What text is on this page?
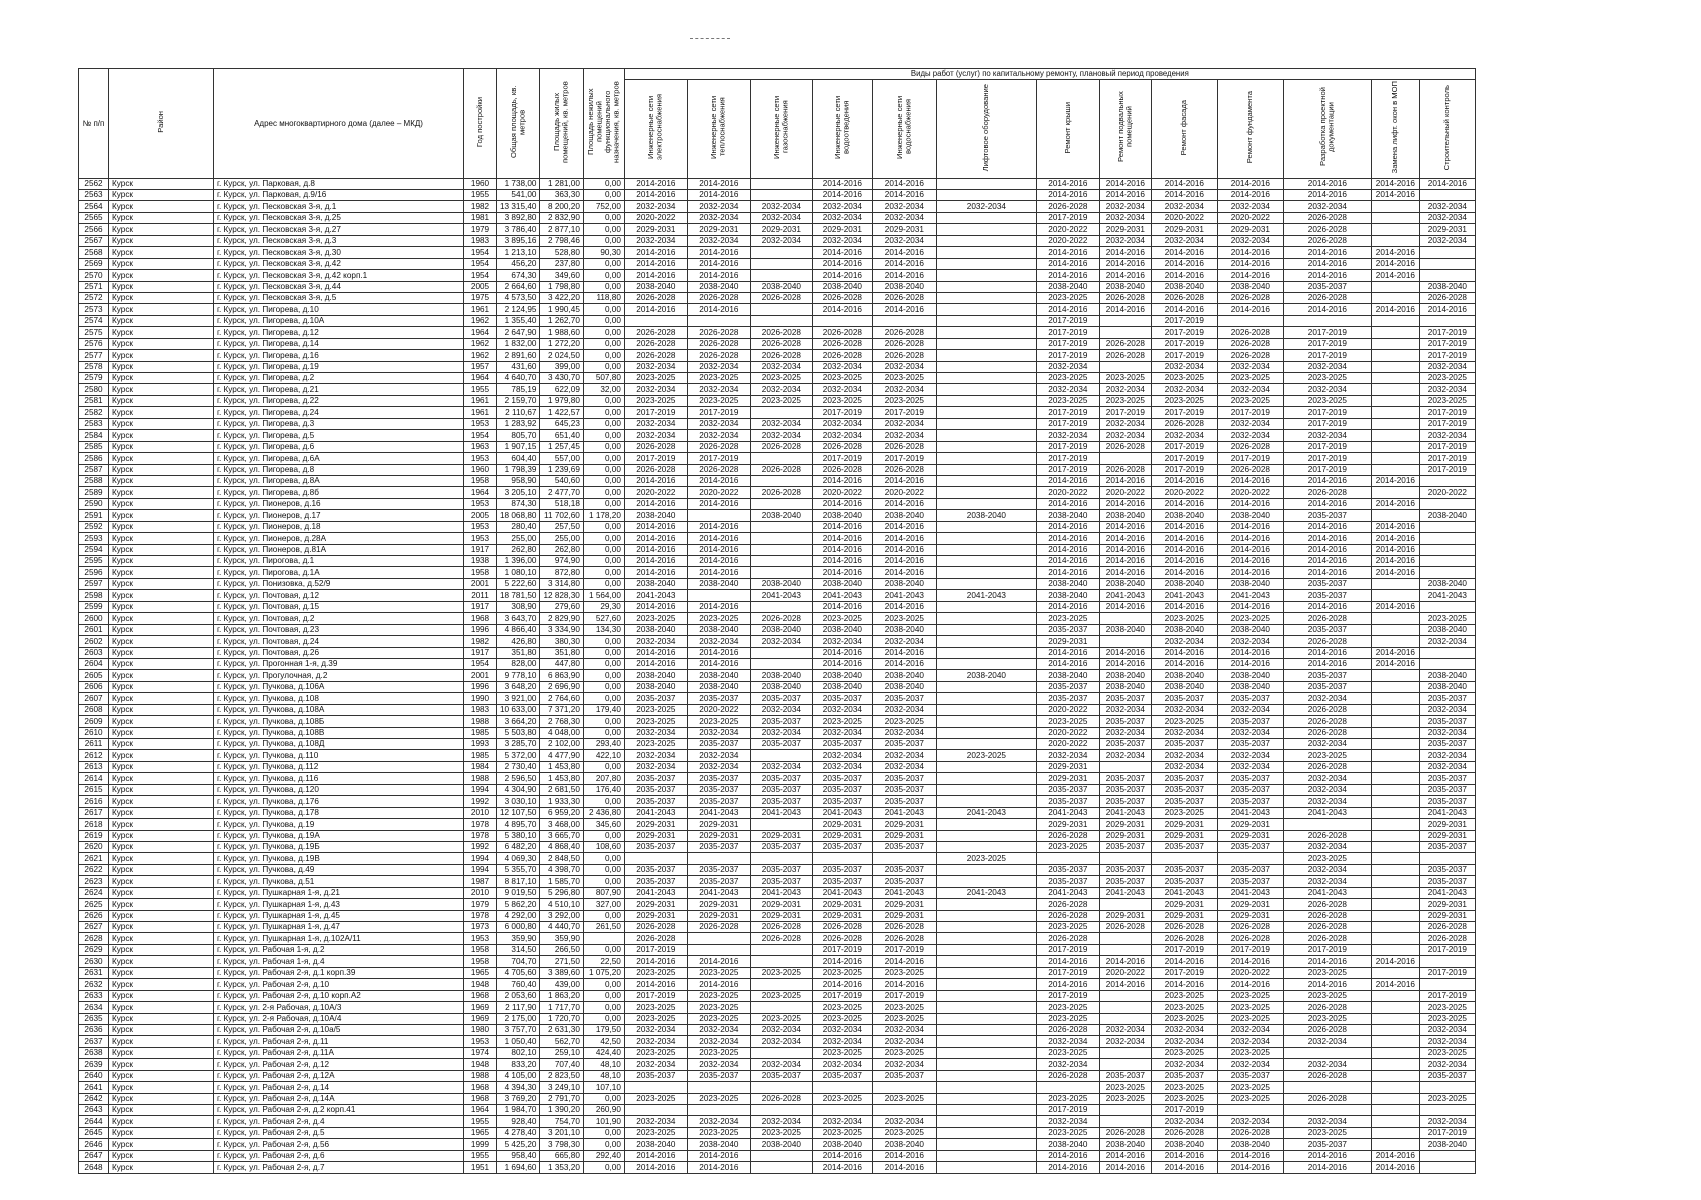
№ п/п	Район	Адрес многоквартирного дома (далее – МКД)	Год постройки	Общая площадь, кв. метров	Площадь жилых помещений, кв. метров	Площадь нежилых помещений функционального назначения, кв. метров	Виды работ (услуг) по капитальному ремонту, плановый период проведения												
							Инженерные сети электроснабжения	Инженерные сети теплоснабжения	Инженерные сети газоснабжения	Инженерные сети водоотведения	Инженерные сети водоснабжения	Лифтовое оборудование	Ремонт крыши	Ремонт подвальных помещений	Ремонт фасада	Ремонт фундамента	Разработка проектной документации	Замена лифт. окон в МОП	Строительный контроль
2562	Курск	г. Курск, ул. Парковая, д.8	1960	1 738,00	1 281,00	0,00	2014-2016	2014-2016		2014-2016	2014-2016		2014-2016	2014-2016	2014-2016	2014-2016	2014-2016	2014-2016	2014-2016
2563	Курск	г. Курск, ул. Парковая, д.9/16	1955	541,00	363,30	0,00	2014-2016	2014-2016		2014-2016	2014-2016		2014-2016	2014-2016	2014-2016	2014-2016	2014-2016	2014-2016	
2564	Курск	г. Курск, ул. Песковская 3-я, д.1	1982	13 315,40	8 200,20	752,00	2032-2034	2032-2034	2032-2034	2032-2034	2032-2034	2032-2034	2026-2028	2032-2034	2032-2034	2032-2034	2032-2034		2032-2034
2565	Курск	г. Курск, ул. Песковская 3-я, д.25	1981	3 892,80	2 832,90	0,00	2020-2022	2032-2034	2032-2034	2032-2034	2032-2034		2017-2019	2032-2034	2020-2022	2020-2022	2026-2028		2032-2034
2566	Курск	г. Курск, ул. Песковская 3-я, д.27	1979	3 786,40	2 877,10	0,00	2029-2031	2029-2031	2029-2031	2029-2031	2029-2031		2020-2022	2029-2031	2029-2031	2029-2031	2026-2028		2029-2031
2567	Курск	г. Курск, ул. Песковская 3-я, д.3	1983	3 895,16	2 798,46	0,00	2032-2034	2032-2034	2032-2034	2032-2034	2032-2034		2020-2022	2032-2034	2032-2034	2032-2034	2026-2028		2032-2034
2568	Курск	г. Курск, ул. Песковская 3-я, д.30	1954	1 213,10	528,80	90,30	2014-2016	2014-2016		2014-2016	2014-2016		2014-2016	2014-2016	2014-2016	2014-2016	2014-2016	2014-2016	
2569	Курск	г. Курск, ул. Песковская 3-я, д.42	1954	456,20	237,80	0,00	2014-2016	2014-2016		2014-2016	2014-2016		2014-2016	2014-2016	2014-2016	2014-2016	2014-2016	2014-2016	
2570	Курск	г. Курск, ул. Песковская 3-я, д.42 корп.1	1954	674,30	349,60	0,00	2014-2016	2014-2016		2014-2016	2014-2016		2014-2016	2014-2016	2014-2016	2014-2016	2014-2016	2014-2016	
2571	Курск	г. Курск, ул. Песковская 3-я, д.44	2005	2 664,60	1 798,80	0,00	2038-2040	2038-2040	2038-2040	2038-2040	2038-2040		2038-2040	2038-2040	2038-2040	2038-2040	2035-2037		2038-2040
2572	Курск	г. Курск, ул. Песковская 3-я, д.5	1975	4 573,50	3 422,20	118,80	2026-2028	2026-2028	2026-2028	2026-2028	2026-2028		2023-2025	2026-2028	2026-2028	2026-2028	2026-2028		2026-2028
2573	Курск	г. Курск, ул. Пигорева, д.10	1961	2 124,95	1 990,45	0,00	2014-2016	2014-2016		2014-2016	2014-2016		2014-2016	2014-2016	2014-2016	2014-2016	2014-2016	2014-2016	2014-2016
2574	Курск	г. Курск, ул. Пигорева, д.10А	1962	1 355,40	1 262,70	0,00							2017-2019		2017-2019				
2575	Курск	г. Курск, ул. Пигорева, д.12	1964	2 647,90	1 988,60	0,00	2026-2028	2026-2028	2026-2028	2026-2028	2026-2028		2017-2019		2017-2019	2026-2028	2017-2019		2017-2019
2576	Курск	г. Курск, ул. Пигорева, д.14	1962	1 832,00	1 272,20	0,00	2026-2028	2026-2028	2026-2028	2026-2028	2026-2028		2017-2019	2026-2028	2017-2019	2026-2028	2017-2019		2017-2019
2577	Курск	г. Курск, ул. Пигорева, д.16	1962	2 891,60	2 024,50	0,00	2026-2028	2026-2028	2026-2028	2026-2028	2026-2028		2017-2019	2026-2028	2017-2019	2026-2028	2017-2019		2017-2019
2578	Курск	г. Курск, ул. Пигорева, д.19	1957	431,60	399,00	0,00	2032-2034	2032-2034	2032-2034	2032-2034	2032-2034		2032-2034		2032-2034	2032-2034	2032-2034		2032-2034
2579	Курск	г. Курск, ул. Пигорева, д.2	1964	4 640,70	3 430,70	507,80	2023-2025	2023-2025	2023-2025	2023-2025	2023-2025		2023-2025	2023-2025	2023-2025	2023-2025	2023-2025		2023-2025
2580	Курск	г. Курск, ул. Пигорева, д.21	1955	785,19	622,09	32,00	2032-2034	2032-2034	2032-2034	2032-2034	2032-2034		2032-2034	2032-2034	2032-2034	2032-2034	2032-2034		2032-2034
2581	Курск	г. Курск, ул. Пигорева, д.22	1961	2 159,70	1 979,80	0,00	2023-2025	2023-2025	2023-2025	2023-2025	2023-2025		2023-2025	2023-2025	2023-2025	2023-2025	2023-2025		2023-2025
2582	Курск	г. Курск, ул. Пигорева, д.24	1961	2 110,67	1 422,57	0,00	2017-2019	2017-2019		2017-2019	2017-2019		2017-2019	2017-2019	2017-2019	2017-2019	2017-2019		2017-2019
2583	Курск	г. Курск, ул. Пигорева, д.3	1953	1 283,92	645,23	0,00	2032-2034	2032-2034	2032-2034	2032-2034	2032-2034		2017-2019	2032-2034	2026-2028	2032-2034	2017-2019		2017-2019
2584	Курск	г. Курск, ул. Пигорева, д.5	1954	805,70	651,40	0,00	2032-2034	2032-2034	2032-2034	2032-2034	2032-2034		2032-2034	2032-2034	2032-2034	2032-2034	2032-2034		2032-2034
2585	Курск	г. Курск, ул. Пигорева, д.6	1963	1 907,15	1 257,45	0,00	2026-2028	2026-2028	2026-2028	2026-2028	2026-2028		2017-2019	2026-2028	2017-2019	2026-2028	2017-2019		2017-2019
2586	Курск	г. Курск, ул. Пигорева, д.6А	1953	604,40	557,00	0,00	2017-2019	2017-2019		2017-2019	2017-2019		2017-2019		2017-2019	2017-2019	2017-2019		2017-2019
2587	Курск	г. Курск, ул. Пигорева, д.8	1960	1 798,39	1 239,69	0,00	2026-2028	2026-2028	2026-2028	2026-2028	2026-2028		2017-2019	2026-2028	2017-2019	2026-2028	2017-2019		2017-2019
2588	Курск	г. Курск, ул. Пигорева, д.8А	1958	958,90	540,60	0,00	2014-2016	2014-2016		2014-2016	2014-2016		2014-2016	2014-2016	2014-2016	2014-2016	2014-2016	2014-2016	
2589	Курск	г. Курск, ул. Пигорева, д.8б	1964	3 205,10	2 477,70	0,00	2020-2022	2020-2022	2026-2028	2020-2022	2020-2022		2020-2022	2020-2022	2020-2022	2020-2022	2026-2028		2020-2022
2590	Курск	г. Курск, ул. Пионеров, д.16	1953	874,30	518,18	0,00	2014-2016	2014-2016		2014-2016	2014-2016		2014-2016	2014-2016	2014-2016	2014-2016	2014-2016	2014-2016	
2591	Курск	г. Курск, ул. Пионеров, д.17	2005	18 068,80	11 702,60	1 178,20	2038-2040		2038-2040	2038-2040	2038-2040	2038-2040	2038-2040	2038-2040	2038-2040	2038-2040	2035-2037		2038-2040
2592	Курск	г. Курск, ул. Пионеров, д.18	1953	280,40	257,50	0,00	2014-2016	2014-2016		2014-2016	2014-2016		2014-2016	2014-2016	2014-2016	2014-2016	2014-2016	2014-2016	
2593	Курск	г. Курск, ул. Пионеров, д.28А	1953	255,00	255,00	0,00	2014-2016	2014-2016		2014-2016	2014-2016		2014-2016	2014-2016	2014-2016	2014-2016	2014-2016	2014-2016	
2594	Курск	г. Курск, ул. Пионеров, д.81А	1917	262,80	262,80	0,00	2014-2016	2014-2016		2014-2016	2014-2016		2014-2016	2014-2016	2014-2016	2014-2016	2014-2016	2014-2016	
2595	Курск	г. Курск, ул. Пирогова, д.1	1938	1 396,00	974,90	0,00	2014-2016	2014-2016		2014-2016	2014-2016		2014-2016	2014-2016	2014-2016	2014-2016	2014-2016	2014-2016	
2596	Курск	г. Курск, ул. Пирогова, д.1А	1958	1 080,10	872,80	0,00	2014-2016	2014-2016		2014-2016	2014-2016		2014-2016	2014-2016	2014-2016	2014-2016	2014-2016	2014-2016	
2597	Курск	г. Курск, ул. Понизовка, д.52/9	2001	5 222,60	3 314,80	0,00	2038-2040	2038-2040	2038-2040	2038-2040	2038-2040		2038-2040	2038-2040	2038-2040	2038-2040	2035-2037		2038-2040
2598	Курск	г. Курск, ул. Почтовая, д.12	2011	18 781,50	12 828,30	1 564,00	2041-2043		2041-2043	2041-2043	2041-2043	2041-2043	2038-2040	2041-2043	2041-2043	2041-2043	2035-2037		2041-2043
2599	Курск	г. Курск, ул. Почтовая, д.15	1917	308,90	279,60	29,30	2014-2016	2014-2016		2014-2016	2014-2016		2014-2016	2014-2016	2014-2016	2014-2016	2014-2016	2014-2016	
2600	Курск	г. Курск, ул. Почтовая, д.2	1968	3 643,70	2 829,90	527,60	2023-2025	2023-2025	2026-2028	2023-2025	2023-2025		2023-2025		2023-2025	2023-2025	2026-2028		2023-2025
2601	Курск	г. Курск, ул. Почтовая, д.23	1996	4 866,40	3 334,90	134,30	2038-2040	2038-2040	2038-2040	2038-2040	2038-2040		2035-2037	2038-2040	2038-2040	2038-2040	2035-2037		2038-2040
2602	Курск	г. Курск, ул. Почтовая, д.24	1982	426,80	380,30	0,00	2032-2034	2032-2034	2032-2034	2032-2034	2032-2034		2029-2031		2032-2034	2032-2034	2026-2028		2032-2034
2603	Курск	г. Курск, ул. Почтовая, д.26	1917	351,80	351,80	0,00	2014-2016	2014-2016		2014-2016	2014-2016		2014-2016	2014-2016	2014-2016	2014-2016	2014-2016	2014-2016	
2604	Курск	г. Курск, ул. Прогонная 1-я, д.39	1954	828,00	447,80	0,00	2014-2016	2014-2016		2014-2016	2014-2016		2014-2016	2014-2016	2014-2016	2014-2016	2014-2016	2014-2016	
2605	Курск	г. Курск, ул. Прогулочная, д.2	2001	9 778,10	6 863,90	0,00	2038-2040	2038-2040	2038-2040	2038-2040	2038-2040	2038-2040	2038-2040	2038-2040	2038-2040	2038-2040	2035-2037		2038-2040
2606	Курск	г. Курск, ул. Пучкова, д.106А	1996	3 648,20	2 696,90	0,00	2038-2040	2038-2040	2038-2040	2038-2040	2038-2040		2035-2037	2038-2040	2038-2040	2038-2040	2035-2037		2038-2040
2607	Курск	г. Курск, ул. Пучкова, д.108	1990	3 921,00	2 764,60	0,00	2035-2037	2035-2037	2035-2037	2035-2037	2035-2037		2035-2037	2035-2037	2035-2037	2035-2037	2032-2034		2035-2037
2608	Курск	г. Курск, ул. Пучкова, д.108А	1983	10 633,00	7 371,20	179,40	2023-2025	2020-2022	2032-2034	2032-2034	2032-2034		2020-2022	2032-2034	2032-2034	2032-2034	2026-2028		2032-2034
2609	Курск	г. Курск, ул. Пучкова, д.108Б	1988	3 664,20	2 768,30	0,00	2023-2025	2023-2025	2035-2037	2023-2025	2023-2025		2023-2025	2035-2037	2023-2025	2035-2037	2026-2028		2035-2037
2610	Курск	г. Курск, ул. Пучкова, д.108В	1985	5 503,80	4 048,00	0,00	2032-2034	2032-2034	2032-2034	2032-2034	2032-2034		2020-2022	2032-2034	2032-2034	2032-2034	2026-2028		2032-2034
2611	Курск	г. Курск, ул. Пучкова, д.108Д	1993	3 285,70	2 102,00	293,40	2023-2025	2035-2037	2035-2037	2035-2037	2035-2037		2020-2022	2035-2037	2035-2037	2035-2037	2032-2034		2035-2037
2612	Курск	г. Курск, ул. Пучкова, д.110	1985	5 372,00	4 477,90	422,10	2032-2034	2032-2034		2032-2034	2032-2034	2023-2025	2032-2034	2032-2034	2032-2034	2032-2034	2023-2025		2032-2034
2613	Курск	г. Курск, ул. Пучкова, д.112	1984	2 730,40	1 453,80	0,00	2032-2034	2032-2034	2032-2034	2032-2034	2032-2034		2029-2031		2032-2034	2032-2034	2026-2028		2032-2034
2614	Курск	г. Курск, ул. Пучкова, д.116	1988	2 596,50	1 453,80	207,80	2035-2037	2035-2037	2035-2037	2035-2037	2035-2037		2029-2031	2035-2037	2035-2037	2035-2037	2032-2034		2035-2037
2615	Курск	г. Курск, ул. Пучкова, д.120	1994	4 304,90	2 681,50	176,40	2035-2037	2035-2037	2035-2037	2035-2037	2035-2037		2035-2037	2035-2037	2035-2037	2035-2037	2032-2034		2035-2037
2616	Курск	г. Курск, ул. Пучкова, д.176	1992	3 030,10	1 933,30	0,00	2035-2037	2035-2037	2035-2037	2035-2037	2035-2037		2035-2037	2035-2037	2035-2037	2035-2037	2032-2034		2035-2037
2617	Курск	г. Курск, ул. Пучкова, д.178	2010	12 107,50	6 959,20	2 436,80	2041-2043	2041-2043	2041-2043	2041-2043	2041-2043	2041-2043	2041-2043	2041-2043	2023-2025	2041-2043	2041-2043		2041-2043
2618	Курск	г. Курск, ул. Пучкова, д.19	1978	4 895,70	3 468,00	345,60	2029-2031	2029-2031		2029-2031	2029-2031		2029-2031	2029-2031	2029-2031	2029-2031			2029-2031
2619	Курск	г. Курск, ул. Пучкова, д.19А	1978	5 380,10	3 665,70	0,00	2029-2031	2029-2031	2029-2031	2029-2031	2029-2031		2026-2028	2029-2031	2029-2031	2029-2031	2026-2028		2029-2031
2620	Курск	г. Курск, ул. Пучкова, д.19Б	1992	6 482,20	4 868,40	108,60	2035-2037	2035-2037	2035-2037	2035-2037	2035-2037		2023-2025	2035-2037	2035-2037	2035-2037	2032-2034		2035-2037
2621	Курск	г. Курск, ул. Пучкова, д.19В	1994	4 069,30	2 848,50	0,00						2023-2025					2023-2025		
2622	Курск	г. Курск, ул. Пучкова, д.49	1994	5 355,70	4 398,70	0,00	2035-2037	2035-2037	2035-2037	2035-2037	2035-2037		2035-2037	2035-2037	2035-2037	2035-2037	2032-2034		2035-2037
2623	Курск	г. Курск, ул. Пучкова, д.51	1987	8 817,10	1 585,70	0,00	2035-2037	2035-2037	2035-2037	2035-2037	2035-2037		2035-2037	2035-2037	2035-2037	2035-2037	2032-2034		2035-2037
2624	Курск	г. Курск, ул. Пушкарная 1-я, д.21	2010	9 019,50	5 296,80	807,90	2041-2043	2041-2043	2041-2043	2041-2043	2041-2043	2041-2043	2041-2043	2041-2043	2041-2043	2041-2043	2041-2043		2041-2043
2625	Курск	г. Курск, ул. Пушкарная 1-я, д.43	1979	5 862,20	4 510,10	327,00	2029-2031	2029-2031	2029-2031	2029-2031	2029-2031		2026-2028		2029-2031	2029-2031	2026-2028		2029-2031
2626	Курск	г. Курск, ул. Пушкарная 1-я, д.45	1978	4 292,00	3 292,00	0,00	2029-2031	2029-2031	2029-2031	2029-2031	2029-2031		2026-2028	2029-2031	2029-2031	2029-2031	2026-2028		2029-2031
2627	Курск	г. Курск, ул. Пушкарная 1-я, д.47	1973	6 000,80	4 440,70	261,50	2026-2028	2026-2028	2026-2028	2026-2028	2026-2028		2023-2025	2026-2028	2026-2028	2026-2028	2026-2028		2026-2028
2628	Курск	г. Курск, ул. Пушкарная 1-я, д.102А/11	1953	359,90	359,90		2026-2028		2026-2028	2026-2028	2026-2028		2026-2028		2026-2028	2026-2028	2026-2028		2026-2028
2629	Курск	г. Курск, ул. Рабочая 1-я, д.2	1958	314,50	266,50	0,00	2017-2019			2017-2019	2017-2019		2017-2019		2017-2019	2017-2019	2017-2019		2017-2019
2630	Курск	г. Курск, ул. Рабочая 1-я, д.4	1958	704,70	271,50	22,50	2014-2016	2014-2016		2014-2016	2014-2016		2014-2016	2014-2016	2014-2016	2014-2016	2014-2016	2014-2016	
2631	Курск	г. Курск, ул. Рабочая 2-я, д.1 корп.39	1965	4 705,60	3 389,60	1 075,20	2023-2025	2023-2025	2023-2025	2023-2025	2023-2025		2017-2019	2020-2022	2017-2019	2020-2022	2023-2025		2017-2019
2632	Курск	г. Курск, ул. Рабочая 2-я, д.10	1948	760,40	439,00	0,00	2014-2016	2014-2016		2014-2016	2014-2016		2014-2016	2014-2016	2014-2016	2014-2016	2014-2016	2014-2016	
2633	Курск	г. Курск, ул. Рабочая 2-я, д.10 корп.А2	1968	2 053,60	1 863,20	0,00	2017-2019	2023-2025	2023-2025	2017-2019	2017-2019		2017-2019		2023-2025	2023-2025	2023-2025		2017-2019
2634	Курск	г. Курск, ул. 2-я Рабочая, д.10А/3	1969	2 117,90	1 717,70	0,00	2023-2025	2023-2025		2023-2025	2023-2025		2023-2025		2023-2025	2023-2025	2026-2028		2023-2025
2635	Курск	г. Курск, ул. 2-я Рабочая, д.10А/4	1969	2 175,00	1 720,70	0,00	2023-2025	2023-2025	2023-2025	2023-2025	2023-2025		2023-2025		2023-2025	2023-2025	2023-2025		2023-2025
2636	Курск	г. Курск, ул. Рабочая 2-я, д.10а/5	1980	3 757,70	2 631,30	179,50	2032-2034	2032-2034	2032-2034	2032-2034	2032-2034		2026-2028	2032-2034	2032-2034	2032-2034	2026-2028		2032-2034
2637	Курск	г. Курск, ул. Рабочая 2-я, д.11	1953	1 050,40	562,70	42,50	2032-2034	2032-2034	2032-2034	2032-2034	2032-2034		2032-2034	2032-2034	2032-2034	2032-2034	2032-2034		2032-2034
2638	Курск	г. Курск, ул. Рабочая 2-я, д.11А	1974	802,10	259,10	424,40	2023-2025	2023-2025		2023-2025	2023-2025		2023-2025		2023-2025	2023-2025			2023-2025
2639	Курск	г. Курск, ул. Рабочая 2-я, д.12	1948	833,20	707,40	48,10	2032-2034	2032-2034	2032-2034	2032-2034	2032-2034		2032-2034		2032-2034	2032-2034	2032-2034		2032-2034
2640	Курск	г. Курск, ул. Рабочая 2-я, д.12А	1988	4 105,00	2 823,50	48,10	2035-2037	2035-2037	2035-2037	2035-2037	2035-2037		2026-2028	2035-2037	2035-2037	2035-2037	2026-2028		2035-2037
2641	Курск	г. Курск, ул. Рабочая 2-я, д.14	1968	4 394,30	3 249,10	107,10								2023-2025	2023-2025	2023-2025			
2642	Курск	г. Курск, ул. Рабочая 2-я, д.14А	1968	3 769,20	2 791,70	0,00	2023-2025	2023-2025	2026-2028	2023-2025	2023-2025		2023-2025	2023-2025	2023-2025	2023-2025	2026-2028		2023-2025
2643	Курск	г. Курск, ул. Рабочая 2-я, д.2 корп.41	1964	1 984,70	1 390,20	260,90							2017-2019		2017-2019				
2644	Курск	г. Курск, ул. Рабочая 2-я, д.4	1955	928,40	754,70	101,90	2032-2034	2032-2034	2032-2034	2032-2034	2032-2034		2032-2034		2032-2034	2032-2034	2032-2034		2032-2034
2645	Курск	г. Курск, ул. Рабочая 2-я, д.5	1965	4 278,40	3 201,10	0,00	2023-2025	2023-2025	2023-2025	2023-2025	2023-2025		2023-2025	2026-2028	2026-2028	2026-2028	2023-2025		2017-2019
2646	Курск	г. Курск, ул. Рабочая 2-я, д.56	1999	5 425,20	3 798,30	0,00	2038-2040	2038-2040	2038-2040	2038-2040	2038-2040		2038-2040	2038-2040	2038-2040	2038-2040	2035-2037		2038-2040
2647	Курск	г. Курск, ул. Рабочая 2-я, д.6	1955	958,40	665,80	292,40	2014-2016	2014-2016		2014-2016	2014-2016		2014-2016	2014-2016	2014-2016	2014-2016	2014-2016	2014-2016	
2648	Курск	г. Курск, ул. Рабочая 2-я, д.7	1951	1 694,60	1 353,20	0,00	2014-2016	2014-2016		2014-2016	2014-2016		2014-2016	2014-2016	2014-2016	2014-2016	2014-2016	2014-2016	
